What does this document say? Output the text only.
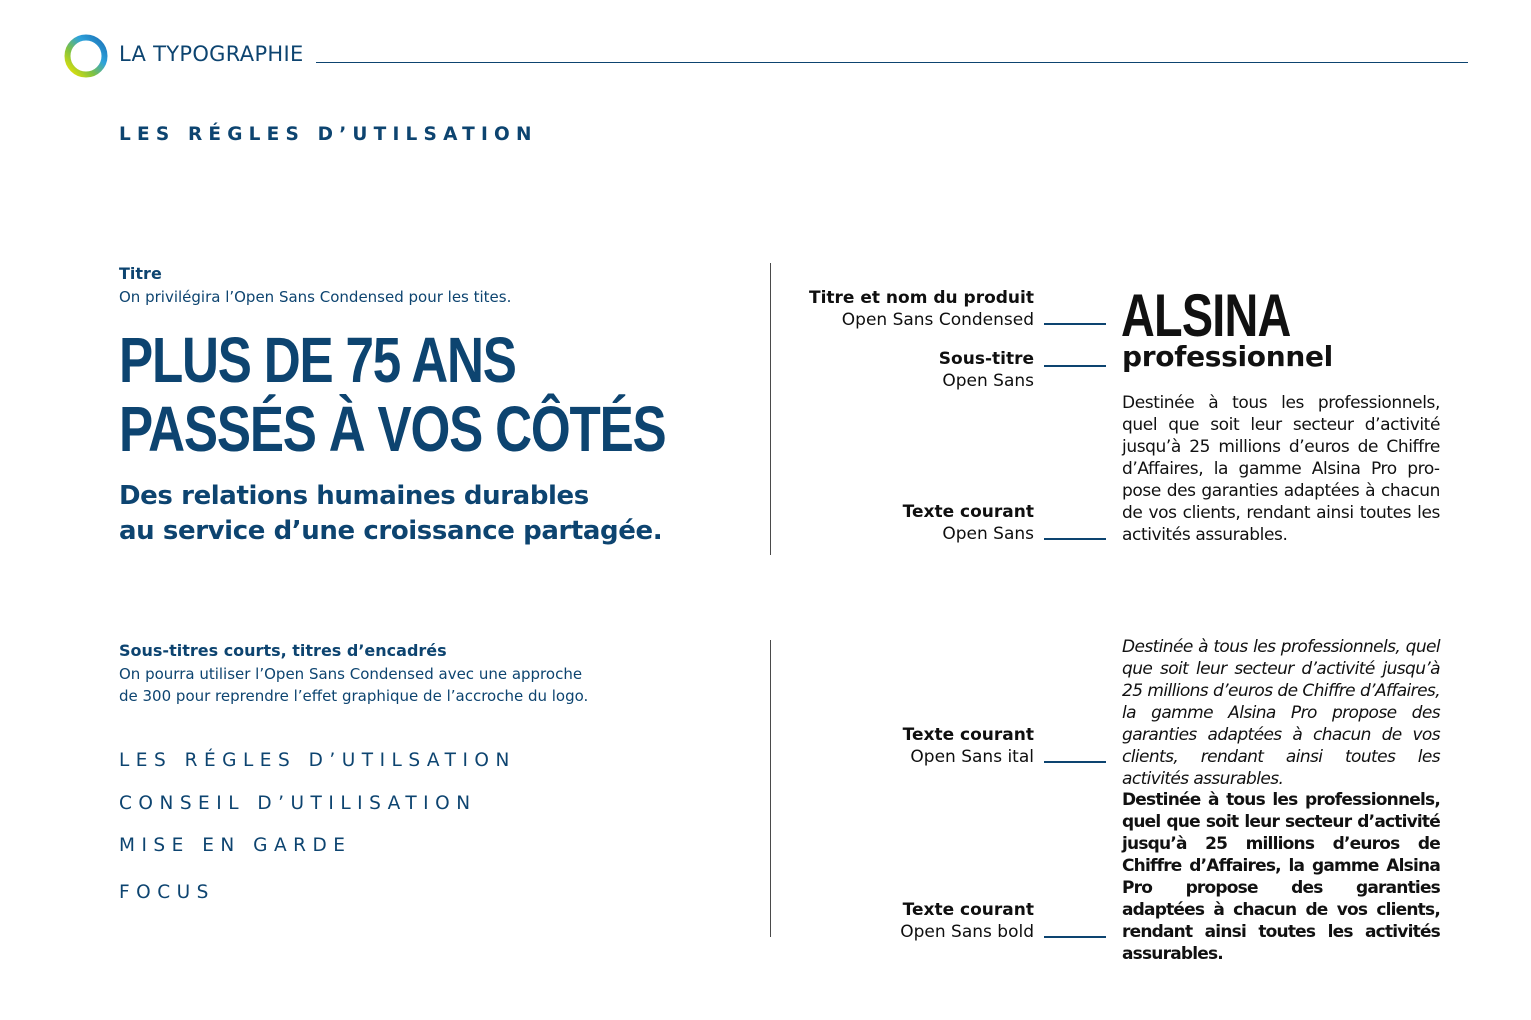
LA TYPOGRAPHIE
LES RÉGLES D’UTILSATION
Titre
On privilégira l’Open Sans Condensed pour les tites.
PLUS DE 75 ANS
PASSÉS À VOS CÔTÉS
Des relations humaines durables
au service d’une croissance partagée.
Sous-titres courts, titres d’encadrés
On pourra utiliser l’Open Sans Condensed avec une approche
de 300 pour reprendre l’effet graphique de l’accroche du logo.
LES RÉGLES D’UTILSATION
CONSEIL D’UTILISATION
MISE EN GARDE
FOCUS
Titre et nom du produit
Open Sans Condensed
Sous-titre
Open Sans
Texte courant
Open Sans
Texte courant
Open Sans ital
Texte courant
Open Sans bold
ALSINA
professionnel
Destinée à tous les professionnels, quel que soit leur secteur d’activité jusqu’à 25 millions d’euros de Chiffre d’Affaires, la gamme Alsina Pro propose des garanties adaptées à chacun de vos clients, rendant ainsi toutes les activités assurables.
Destinée à tous les professionnels, quel que soit leur secteur d’activité jusqu’à 25 millions d’euros de Chiffre d’Affaires, la gamme Alsina Pro propose des garanties adaptées à chacun de vos clients, rendant ainsi toutes les activités assurables.
Destinée à tous les professionnels, quel que soit leur secteur d’activité jusqu’à 25 millions d’euros de Chiffre d’Affaires, la gamme Alsina Pro propose des garanties adaptées à chacun de vos clients, rendant ainsi toutes les activités assurables.
